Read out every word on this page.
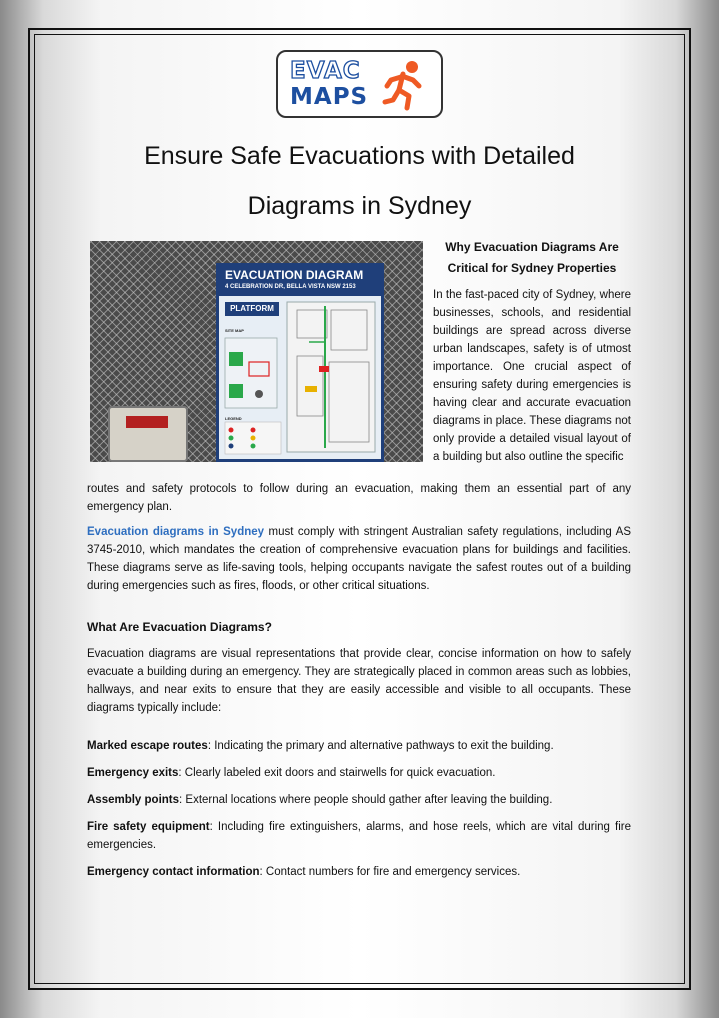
EVAC
MAPS
Ensure Safe Evacuations with Detailed
Diagrams in Sydney
EVACUATION DIAGRAM
4 CELEBRATION DR, BELLA VISTA NSW 2153
PLATFORM
SITE MAP
LEGEND

Why Evacuation Diagrams Are

Critical for Sydney Properties

In the fast-paced city of Sydney, where businesses, schools, and residential buildings are spread across diverse urban landscapes, safety is of utmost importance. One crucial aspect of ensuring safety during emergencies is having clear and accurate evacuation diagrams in place. These diagrams not only provide a detailed visual layout of a building but also outline the specific

routes and safety protocols to follow during an evacuation, making them an essential part of any emergency plan.

Evacuation diagrams in Sydney must comply with stringent Australian safety regulations, including AS 3745-2010, which mandates the creation of comprehensive evacuation plans for buildings and facilities. These diagrams serve as life-saving tools, helping occupants navigate the safest routes out of a building during emergencies such as fires, floods, or other critical situations.

What Are Evacuation Diagrams?

Evacuation diagrams are visual representations that provide clear, concise information on how to safely evacuate a building during an emergency. They are strategically placed in common areas such as lobbies, hallways, and near exits to ensure that they are easily accessible and visible to all occupants. These diagrams typically include:

Marked escape routes: Indicating the primary and alternative pathways to exit the building.

Emergency exits: Clearly labeled exit doors and stairwells for quick evacuation.

Assembly points: External locations where people should gather after leaving the building.

Fire safety equipment: Including fire extinguishers, alarms, and hose reels, which are vital during fire emergencies.

Emergency contact information: Contact numbers for fire and emergency services.
